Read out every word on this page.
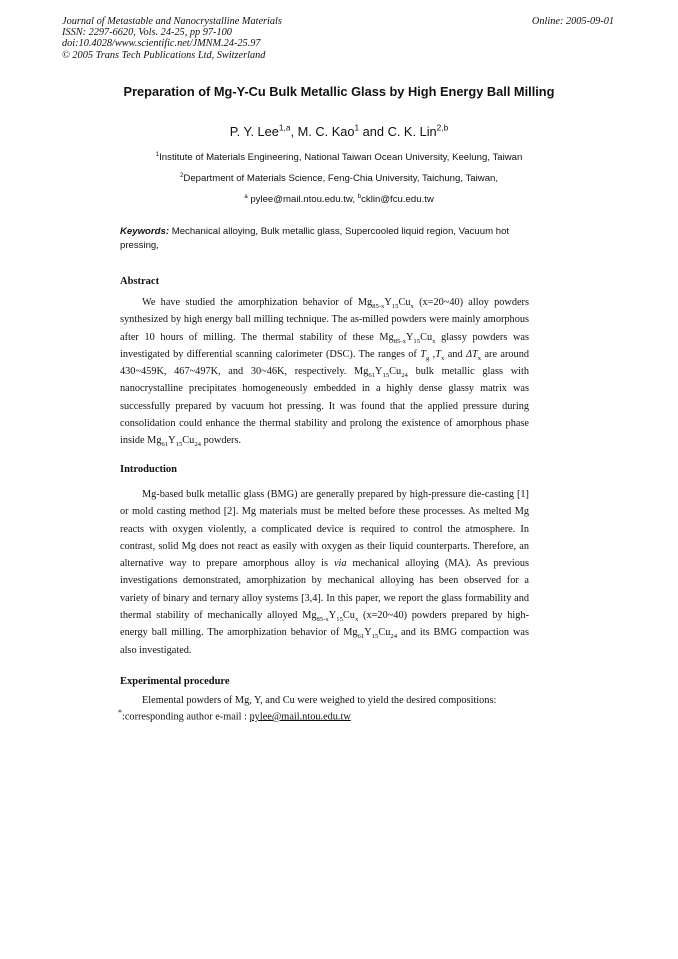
Journal of Metastable and Nanocrystalline Materials
ISSN: 2297-6620, Vols. 24-25, pp 97-100
doi:10.4028/www.scientific.net/JMNM.24-25.97
© 2005 Trans Tech Publications Ltd, Switzerland
Online: 2005-09-01
Preparation of Mg-Y-Cu Bulk Metallic Glass by High Energy Ball Milling
P. Y. Lee$^{1,a}$, M. C. Kao$^1$ and C. K. Lin$^{2,b}$
$^1$Institute of Materials Engineering, National Taiwan Ocean University, Keelung, Taiwan
$^2$Department of Materials Science, Feng-Chia University, Taichung, Taiwan,
$^a$ pylee@mail.ntou.edu.tw, $^b$cklin@fcu.edu.tw
Keywords: Mechanical alloying, Bulk metallic glass, Supercooled liquid region, Vacuum hot pressing,
Abstract
We have studied the amorphization behavior of $Mg_{85-x}Y_{15}Cu_x$ (x=20~40) alloy powders synthesized by high energy ball milling technique. The as-milled powders were mainly amorphous after 10 hours of milling. The thermal stability of these $Mg_{85-x}Y_{15}Cu_x$ glassy powders was investigated by differential scanning calorimeter (DSC). The ranges of $T_g$ $,T_x$ and $\Delta T_x$ are around 430~459K, 467~497K, and 30~46K, respectively. $Mg_{61}Y_{15}Cu_{24}$ bulk metallic glass with nanocrystalline precipitates homogeneously embedded in a highly dense glassy matrix was successfully prepared by vacuum hot pressing. It was found that the applied pressure during consolidation could enhance the thermal stability and prolong the existence of amorphous phase inside $Mg_{61}Y_{15}Cu_{24}$ powders.
Introduction
Mg-based bulk metallic glass (BMG) are generally prepared by high-pressure die-casting [1] or mold casting method [2]. Mg materials must be melted before these processes. As melted Mg reacts with oxygen violently, a complicated device is required to control the atmosphere. In contrast, solid Mg does not react as easily with oxygen as their liquid counterparts. Therefore, an alternative way to prepare amorphous alloy is via mechanical alloying (MA). As previous investigations demonstrated, amorphization by mechanical alloying has been observed for a variety of binary and ternary alloy systems [3,4]. In this paper, we report the glass formability and thermal stability of mechanically alloyed $Mg_{85-x}Y_{15}Cu_x$ (x=20~40) powders prepared by high-energy ball milling. The amorphization behavior of $Mg_{61}Y_{15}Cu_{24}$ and its BMG compaction was also investigated.
Experimental procedure
Elemental powders of Mg, Y, and Cu were weighed to yield the desired compositions:
*:corresponding author e-mail : pylee@mail.ntou.edu.tw
